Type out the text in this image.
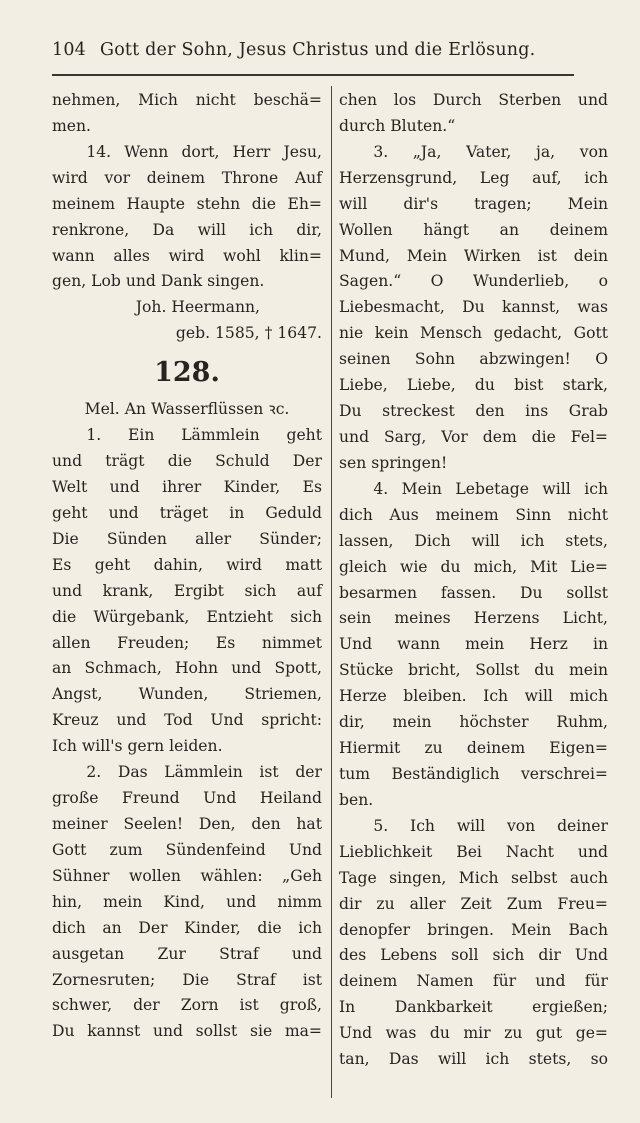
104 Gott der Sohn, Jesus Christus und die Erlösung.
nehmen, Mich nicht beschä=
men.
14. Wenn dort, Herr Jesu,
wird vor deinem Throne Auf
meinem Haupte stehn die Eh=
renkrone, Da will ich dir,
wann alles wird wohl klin=
gen, Lob und Dank singen.
Joh. Heermann,
geb. 1585, † 1647.
128.
Mel. An Wasserflüssen ꝛc.
1. Ein Lämmlein geht
und trägt die Schuld Der
Welt und ihrer Kinder, Es
geht und träget in Geduld
Die Sünden aller Sünder;
Es geht dahin, wird matt
und krank, Ergibt sich auf
die Würgebank, Entzieht sich
allen Freuden; Es nimmet
an Schmach, Hohn und Spott,
Angst, Wunden, Striemen,
Kreuz und Tod Und spricht:
Ich will's gern leiden.
2. Das Lämmlein ist der
große Freund Und Heiland
meiner Seelen! Den, den hat
Gott zum Sündenfeind Und
Sühner wollen wählen: „Geh
hin, mein Kind, und nimm
dich an Der Kinder, die ich
ausgetan Zur Straf und
Zornesruten; Die Straf ist
schwer, der Zorn ist groß,
Du kannst und sollst sie ma=
chen los Durch Sterben und
durch Bluten.“
3. „Ja, Vater, ja, von
Herzensgrund, Leg auf, ich
will dir's tragen; Mein
Wollen hängt an deinem
Mund, Mein Wirken ist dein
Sagen.“ O Wunderlieb, o
Liebesmacht, Du kannst, was
nie kein Mensch gedacht, Gott
seinen Sohn abzwingen! O
Liebe, Liebe, du bist stark,
Du streckest den ins Grab
und Sarg, Vor dem die Fel=
sen springen!
4. Mein Lebetage will ich
dich Aus meinem Sinn nicht
lassen, Dich will ich stets,
gleich wie du mich, Mit Lie=
besarmen fassen. Du sollst
sein meines Herzens Licht,
Und wann mein Herz in
Stücke bricht, Sollst du mein
Herze bleiben. Ich will mich
dir, mein höchster Ruhm,
Hiermit zu deinem Eigen=
tum Beständiglich verschrei=
ben.
5. Ich will von deiner
Lieblichkeit Bei Nacht und
Tage singen, Mich selbst auch
dir zu aller Zeit Zum Freu=
denopfer bringen. Mein Bach
des Lebens soll sich dir Und
deinem Namen für und für
In Dankbarkeit ergießen;
Und was du mir zu gut ge=
tan, Das will ich stets, so
